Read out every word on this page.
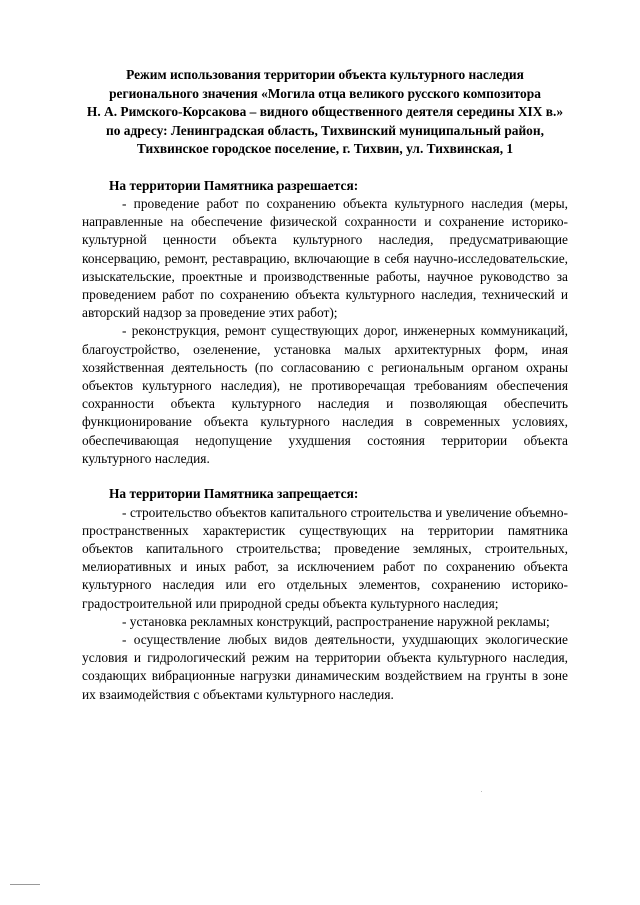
Режим использования территории объекта культурного наследия
регионального значения «Могила отца великого русского композитора
Н. А. Римского-Корсакова – видного общественного деятеля середины XIX в.»
по адресу: Ленинградская область, Тихвинский муниципальный район,
Тихвинское городское поселение, г. Тихвин, ул. Тихвинская, 1

На территории Памятника разрешается:

- проведение работ по сохранению объекта культурного наследия (меры, направленные на обеспечение физической сохранности и сохранение историко-культурной ценности объекта культурного наследия, предусматривающие консервацию, ремонт, реставрацию, включающие в себя научно-исследовательские, изыскательские, проектные и производственные работы, научное руководство за проведением работ по сохранению объекта культурного наследия, технический и авторский надзор за проведение этих работ);

- реконструкция, ремонт существующих дорог, инженерных коммуникаций, благоустройство, озеленение, установка малых архитектурных форм, иная хозяйственная деятельность (по согласованию с региональным органом охраны объектов культурного наследия), не противоречащая требованиям обеспечения сохранности объекта культурного наследия и позволяющая обеспечить функционирование объекта культурного наследия в современных условиях, обеспечивающая недопущение ухудшения состояния территории объекта культурного наследия.

На территории Памятника запрещается:

- строительство объектов капитального строительства и увеличение объемно-пространственных характеристик существующих на территории памятника объектов капитального строительства; проведение земляных, строительных, мелиоративных и иных работ, за исключением работ по сохранению объекта культурного наследия или его отдельных элементов, сохранению историко-градостроительной или природной среды объекта культурного наследия;

- установка рекламных конструкций, распространение наружной рекламы;

- осуществление любых видов деятельности, ухудшающих экологические условия и гидрологический режим на территории объекта культурного наследия, создающих вибрационные нагрузки динамическим воздействием на грунты в зоне их взаимодействия с объектами культурного наследия.
